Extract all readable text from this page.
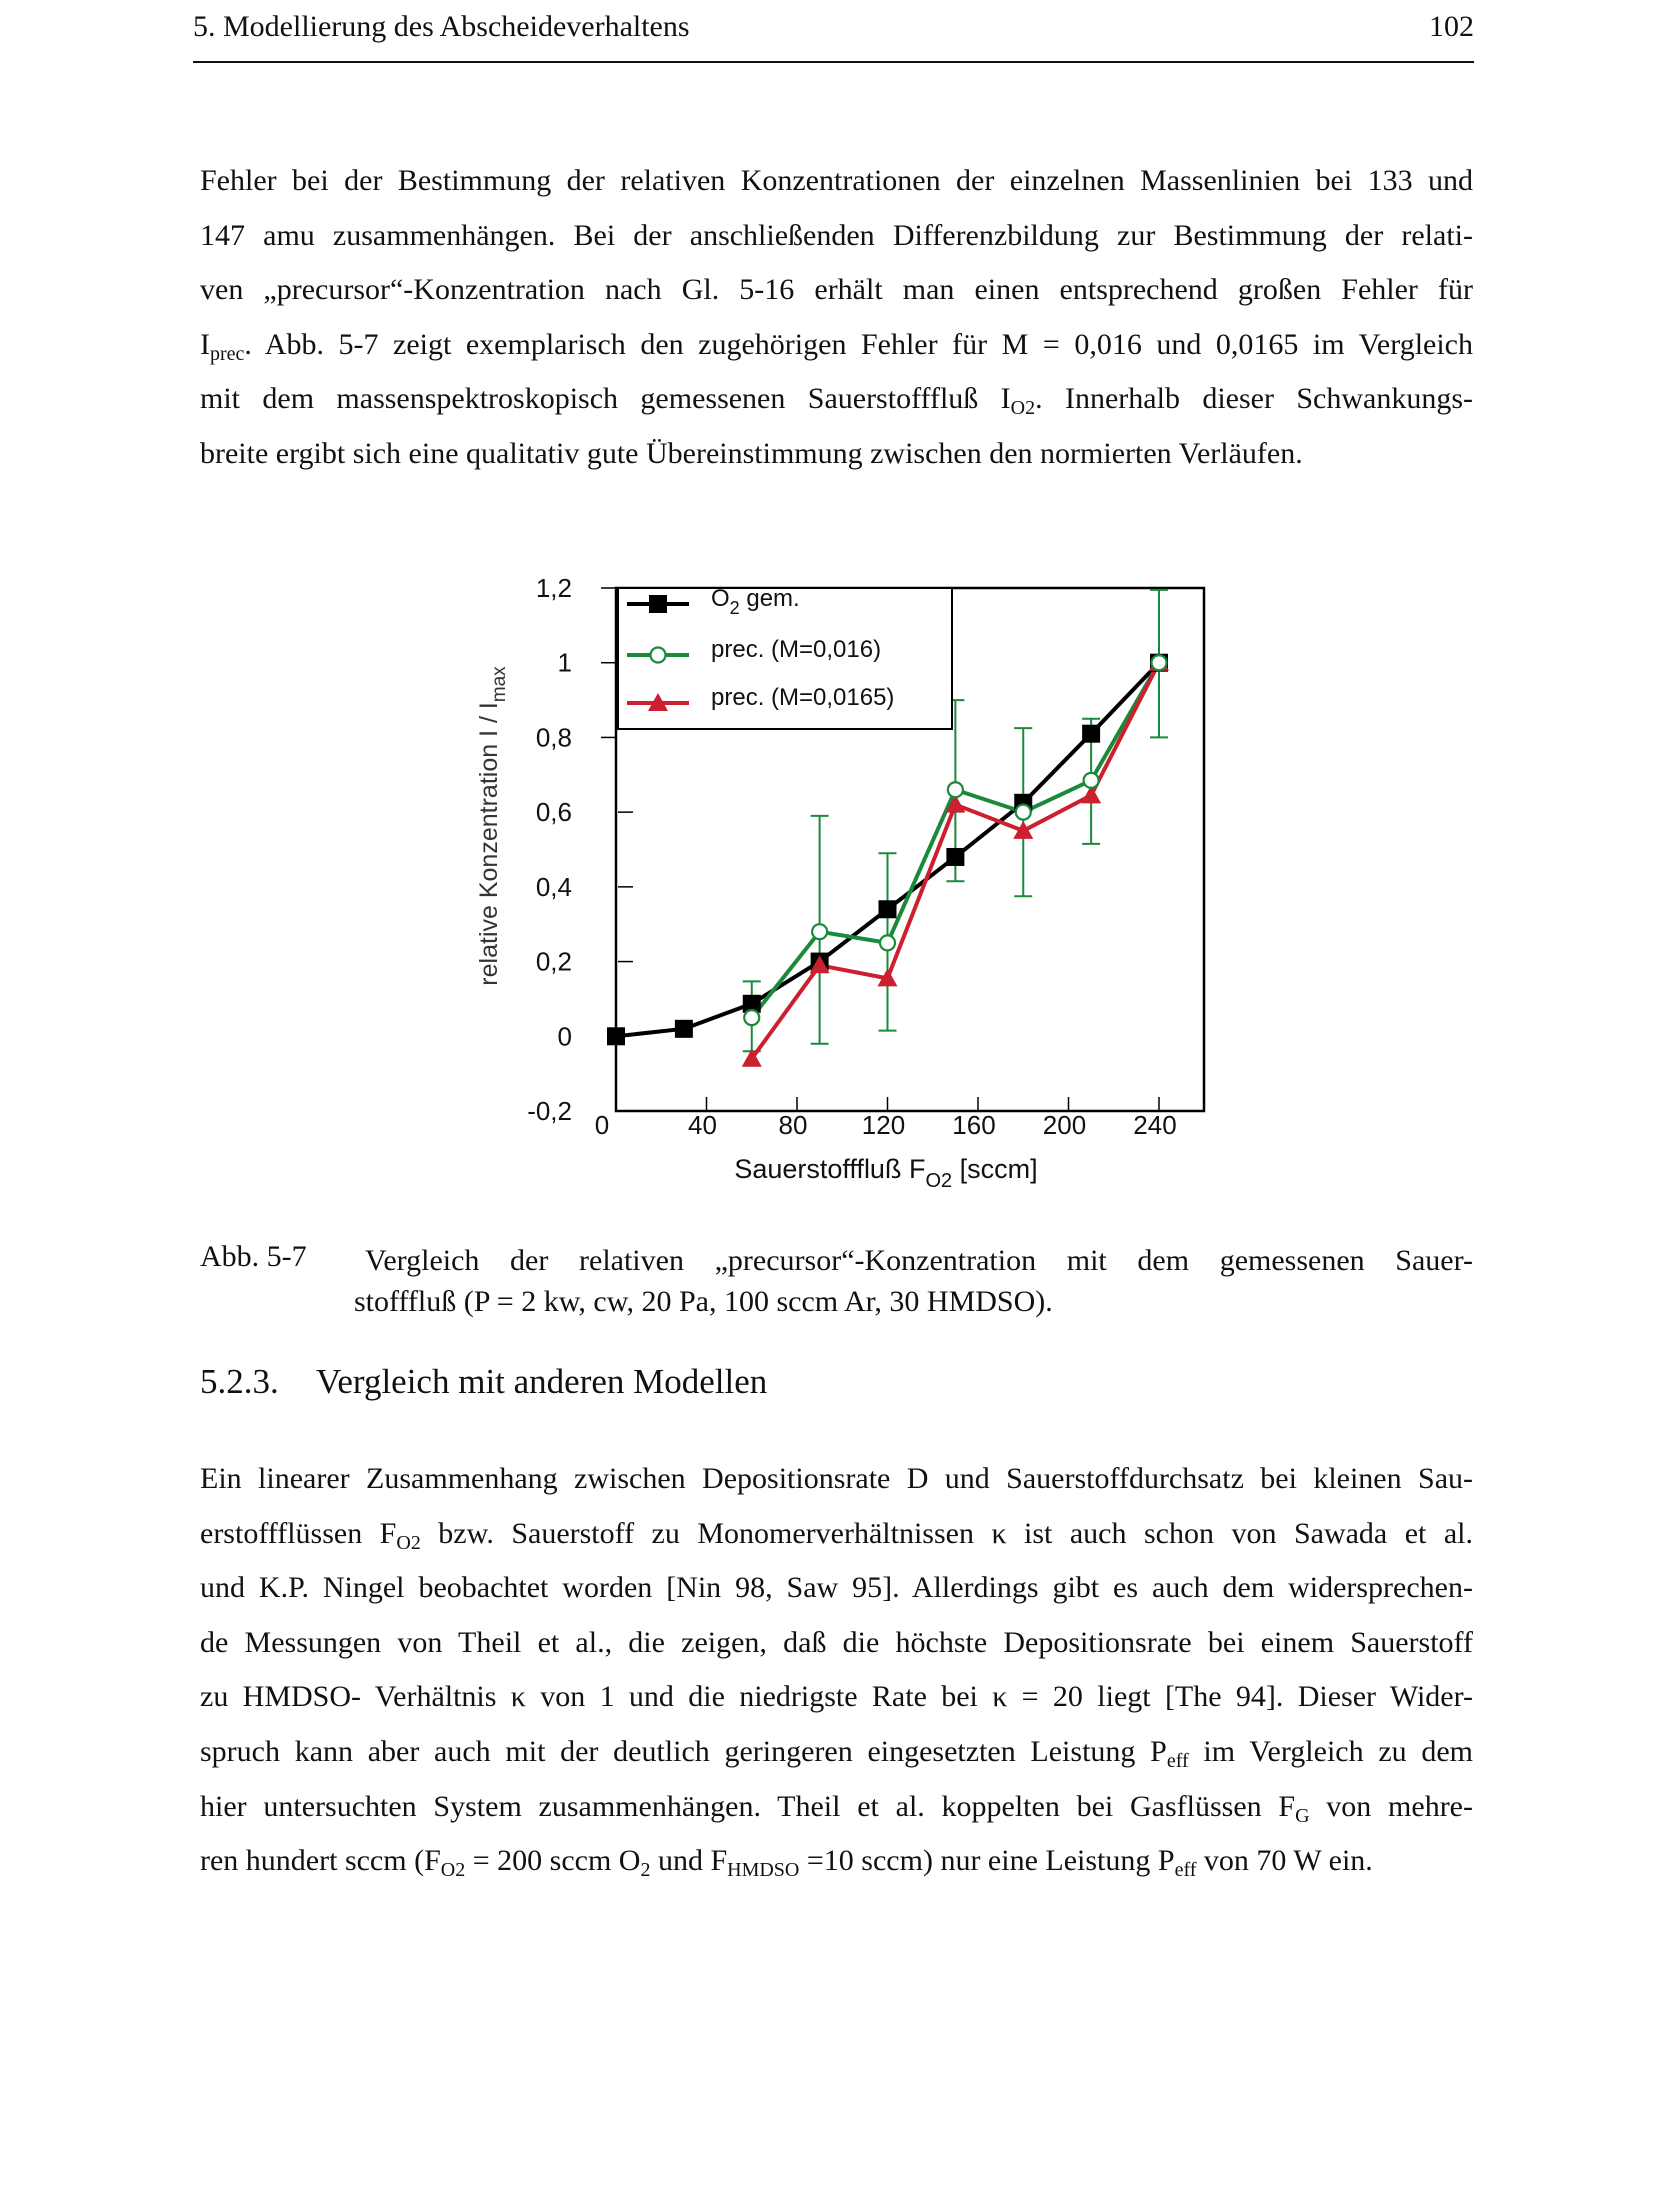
5. Modellierung des Abscheideverhaltens	102
Fehler bei der Bestimmung der relativen Konzentrationen der einzelnen Massenlinien bei 133 und
147 amu zusammenhängen. Bei der anschließenden Differenzbildung zur Bestimmung der relati-
ven „precursor“-Konzentration nach Gl. 5-16 erhält man einen entsprechend großen Fehler für
$I_{prec}$. Abb. 5-7 zeigt exemplarisch den zugehörigen Fehler für M = 0,016 und 0,0165 im Vergleich
mit dem massenspektroskopisch gemessenen Sauerstofffluß $I_{O2}$. Innerhalb dieser Schwankungs-
breite ergibt sich eine qualitativ gute Übereinstimmung zwischen den normierten Verläufen.
$O_2$ gem.
prec. (M=0,016)
prec. (M=0,0165)
1,2
1
0,8
0,6
0,4
0,2
0
-0,2 0	40 80 120 160 200 240
Sauerstofffluß $F_{O2}$ [sccm]
relative Konzentration I / $I_{max}$
Abb. 5-7	Vergleich der relativen „precursor“-Konzentration mit dem gemessenen Sauer-
stofffluß (P = 2 kw, cw, 20 Pa, 100 sccm Ar, 30 HMDSO).
5.2.3. Vergleich mit anderen Modellen
Ein linearer Zusammenhang zwischen Depositionsrate D und Sauerstoffdurchsatz bei kleinen Sau-
erstoffflüssen $F_{O2}$ bzw. Sauerstoff zu Monomerverhältnissen κ ist auch schon von Sawada et al.
und K.P. Ningel beobachtet worden [Nin 98, Saw 95]. Allerdings gibt es auch dem widersprechen-
de Messungen von Theil et al., die zeigen, daß die höchste Depositionsrate bei einem Sauerstoff
zu HMDSO- Verhältnis κ von 1 und die niedrigste Rate bei κ = 20 liegt [The 94]. Dieser Wider-
spruch kann aber auch mit der deutlich geringeren eingesetzten Leistung $P_{eff}$ im Vergleich zu dem
hier untersuchten System zusammenhängen. Theil et al. koppelten bei Gasflüssen $F_G$ von mehre-
ren hundert sccm ($F_{O2} = 200$ sccm $O_2$ und $F_{HMDSO} =10$ sccm) nur eine Leistung $P_{eff}$ von 70 W ein.
